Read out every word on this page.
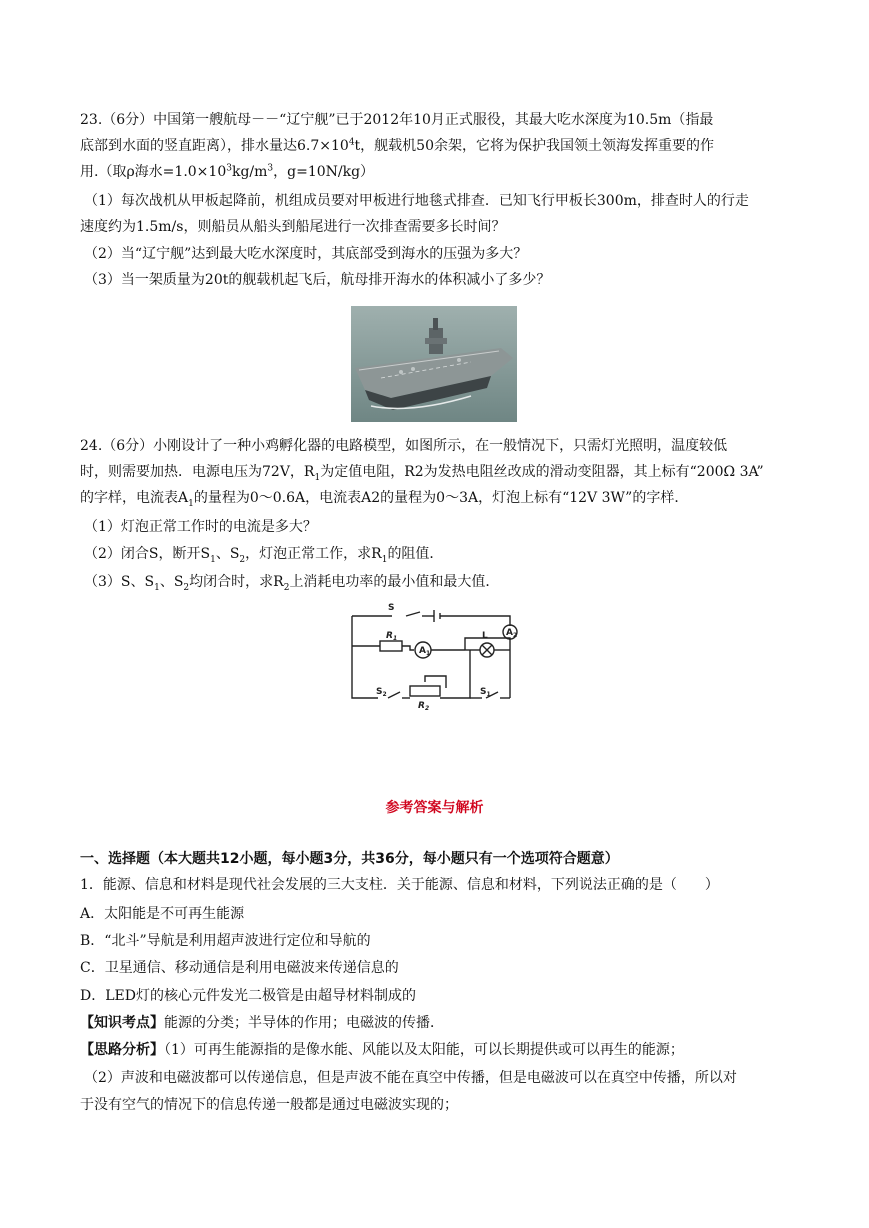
23.（6分）中国第一艘航母－－“辽宁舰”已于2012年10月正式服役，其最大吃水深度为10.5m（指最
底部到水面的竖直距离），排水量达$6.7\times 10^4t$，舰载机50余架，它将为保护我国领土领海发挥重要的作
用.（取ρ海水$=1.0\times 10^3kg/m^3$，g=10N/kg）
（1）每次战机从甲板起降前，机组成员要对甲板进行地毯式排查．已知飞行甲板长300m，排查时人的行走
速度约为1.5m/s，则船员从船头到船尾进行一次排查需要多长时间？
（2）当“辽宁舰”达到最大吃水深度时，其底部受到海水的压强为多大？
（3）当一架质量为20t的舰载机起飞后，航母排开海水的体积减小了多少？
24.（6分）小刚设计了一种小鸡孵化器的电路模型，如图所示，在一般情况下，只需灯光照明，温度较低
时，则需要加热．电源电压为72V，$R_1$为定值电阻，R2为发热电阻丝改成的滑动变阻器，其上标有“200Ω 3A”
的字样，电流表$A_1$的量程为0～0.6A，电流表A2的量程为0～3A，灯泡上标有“12V 3W”的字样．
（1）灯泡正常工作时的电流是多大？
（2）闭合S，断开$S_1$、$S_2$，灯泡正常工作，求$R_1$的阻值．
（3）S、$S_1$、$S_2$均闭合时，求$R_2$上消耗电功率的最小值和最大值．
S
$R_1$
$A_1$
L $A_2$
$S_2$
$R_2$
$S_1$
参考答案与解析
一、选择题（本大题共12小题，每小题3分，共36分，每小题只有一个选项符合题意）
1．能源、信息和材料是现代社会发展的三大支柱．关于能源、信息和材料，下列说法正确的是（　　）
A．太阳能是不可再生能源
B．“北斗”导航是利用超声波进行定位和导航的
C．卫星通信、移动通信是利用电磁波来传递信息的
D．LED灯的核心元件发光二极管是由超导材料制成的
【知识考点】能源的分类；半导体的作用；电磁波的传播．
【思路分析】（1）可再生能源指的是像水能、风能以及太阳能，可以长期提供或可以再生的能源；
（2）声波和电磁波都可以传递信息，但是声波不能在真空中传播，但是电磁波可以在真空中传播，所以对
于没有空气的情况下的信息传递一般都是通过电磁波实现的；
